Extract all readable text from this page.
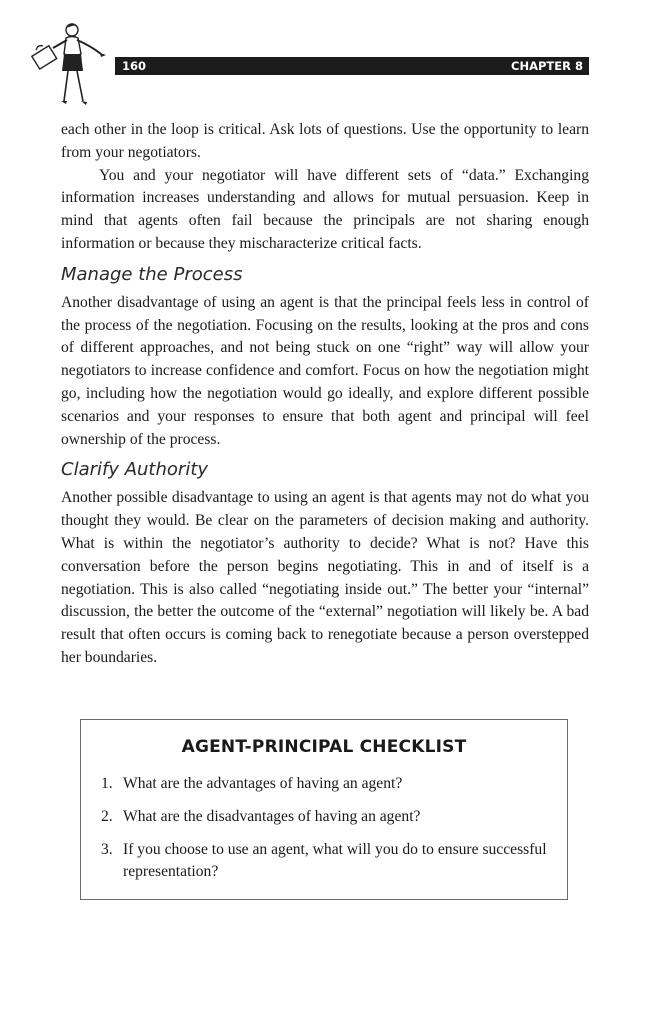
160	CHAPTER 8

each other in the loop is critical. Ask lots of questions. Use the opportunity to learn from your negotiators.

You and your negotiator will have different sets of “data.” Exchanging information increases understanding and allows for mutual persuasion. Keep in mind that agents often fail because the principals are not sharing enough information or because they mischaracterize critical facts.

Manage the Process

Another disadvantage of using an agent is that the principal feels less in control of the process of the negotiation. Focusing on the results, looking at the pros and cons of different approaches, and not being stuck on one “right” way will allow your negotiators to increase confidence and comfort. Focus on how the negotiation might go, including how the negotiation would go ideally, and explore different possible scenarios and your responses to ensure that both agent and principal will feel ownership of the process.

Clarify Authority

Another possible disadvantage to using an agent is that agents may not do what you thought they would. Be clear on the parameters of decision making and authority. What is within the negotiator’s authority to decide? What is not? Have this conversation before the person begins negotiating. This in and of itself is a negotiation. This is also called “negotiating inside out.” The better your “internal” discussion, the better the outcome of the “external” negotiation will likely be. A bad result that often occurs is coming back to renegotiate because a person overstepped her boundaries.

AGENT-PRINCIPAL CHECKLIST
1. What are the advantages of having an agent?
2. What are the disadvantages of having an agent?
3. If you choose to use an agent, what will you do to ensure successful representation?
